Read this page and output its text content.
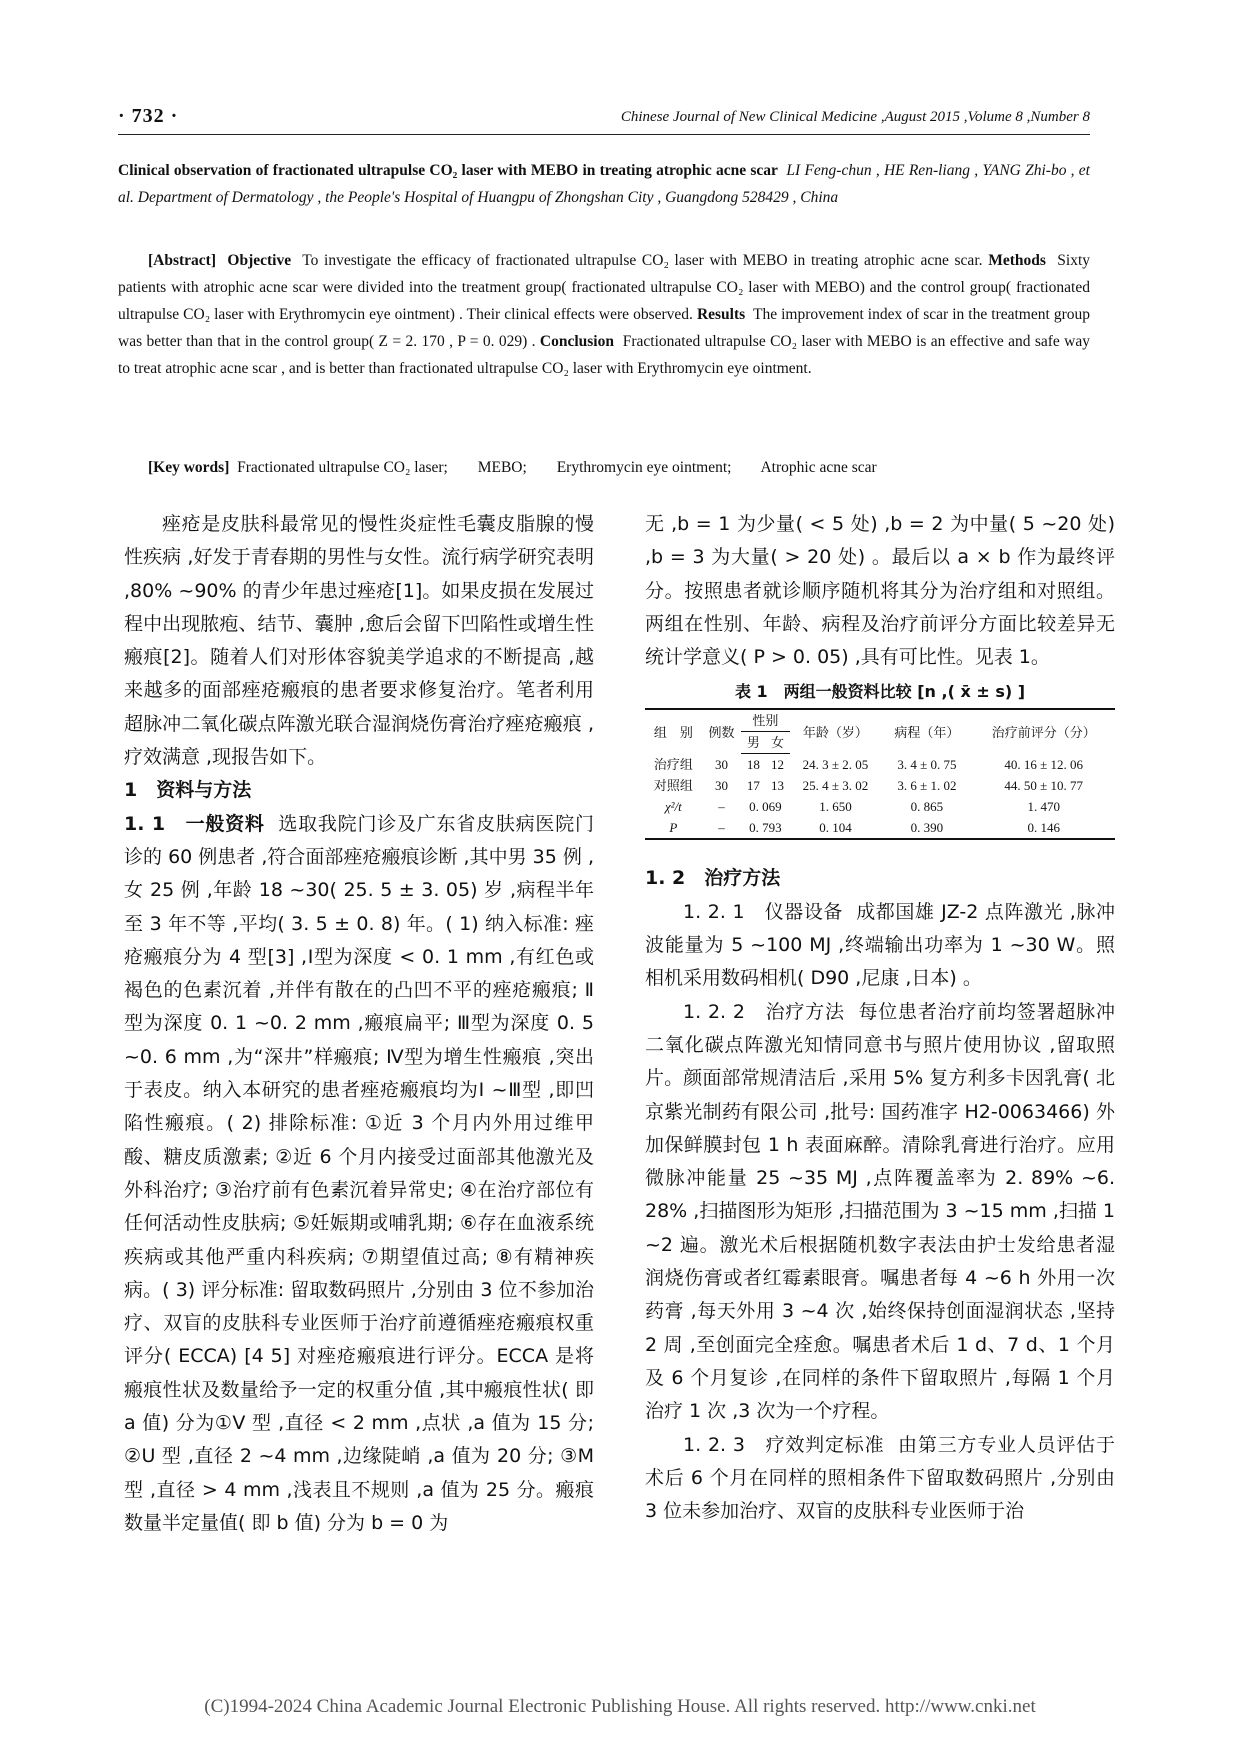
· 732 ·	Chinese Journal of New Clinical Medicine ,August 2015 ,Volume 8 ,Number 8
Clinical observation of fractionated ultrapulse CO₂ laser with MEBO in treating atrophic acne scar LI Feng-chun , HE Ren-liang , YANG Zhi-bo , et al. Department of Dermatology , the People's Hospital of Huangpu of Zhongshan City , Guangdong 528429 , China
[Abstract] Objective To investigate the efficacy of fractionated ultrapulse CO₂ laser with MEBO in treating atrophic acne scar. Methods Sixty patients with atrophic acne scar were divided into the treatment group( fractionated ultrapulse CO₂ laser with MEBO) and the control group( fractionated ultrapulse CO₂ laser with Erythromycin eye ointment) . Their clinical effects were observed. Results The improvement index of scar in the treatment group was better than that in the control group( Z = 2. 170 , P = 0. 029) . Conclusion Fractionated ultrapulse CO₂ laser with MEBO is an effective and safe way to treat atrophic acne scar , and is better than fractionated ultrapulse CO₂ laser with Erythromycin eye ointment.
[Key words] Fractionated ultrapulse CO₂ laser; MEBO; Erythromycin eye ointment; Atrophic acne scar

痤疮是皮肤科最常见的慢性炎症性毛囊皮脂腺的慢性疾病 ,好发于青春期的男性与女性。流行病学研究表明 ,80% ~90% 的青少年患过痤疮[1]。如果皮损在发展过程中出现脓疱、结节、囊肿 ,愈后会留下凹陷性或增生性瘢痕[2]。随着人们对形体容貌美学追求的不断提高 ,越来越多的面部痤疮瘢痕的患者要求修复治疗。笔者利用超脉冲二氧化碳点阵激光联合湿润烧伤膏治疗痤疮瘢痕 ,疗效满意 ,现报告如下。

1　资料与方法

1. 1　一般资料 选取我院门诊及广东省皮肤病医院门诊的 60 例患者 ,符合面部痤疮瘢痕诊断 ,其中男 35 例 ,女 25 例 ,年龄 18 ~30( 25. 5 ± 3. 05) 岁 ,病程半年至 3 年不等 ,平均( 3. 5 ± 0. 8) 年。( 1) 纳入标准: 痤疮瘢痕分为 4 型[3] ,Ⅰ型为深度 < 0. 1 mm ,有红色或褐色的色素沉着 ,并伴有散在的凸凹不平的痤疮瘢痕; Ⅱ型为深度 0. 1 ~0. 2 mm ,瘢痕扁平; Ⅲ型为深度 0. 5 ~0. 6 mm ,为“深井”样瘢痕; Ⅳ型为增生性瘢痕 ,突出于表皮。纳入本研究的患者痤疮瘢痕均为Ⅰ ~Ⅲ型 ,即凹陷性瘢痕。( 2) 排除标准: ①近 3 个月内外用过维甲酸、糖皮质激素; ②近 6 个月内接受过面部其他激光及外科治疗; ③治疗前有色素沉着异常史; ④在治疗部位有任何活动性皮肤病; ⑤妊娠期或哺乳期; ⑥存在血液系统疾病或其他严重内科疾病; ⑦期望值过高; ⑧有精神疾病。( 3) 评分标准: 留取数码照片 ,分别由 3 位不参加治疗、双盲的皮肤科专业医师于治疗前遵循痤疮瘢痕权重评分( ECCA) [4 5] 对痤疮瘢痕进行评分。ECCA 是将瘢痕性状及数量给予一定的权重分值 ,其中瘢痕性状( 即 a 值) 分为①V 型 ,直径 < 2 mm ,点状 ,a 值为 15 分; ②U 型 ,直径 2 ~4 mm ,边缘陡峭 ,a 值为 20 分; ③M 型 ,直径 > 4 mm ,浅表且不规则 ,a 值为 25 分。瘢痕数量半定量值( 即 b 值) 分为 b = 0 为

无 ,b = 1 为少量( < 5 处) ,b = 2 为中量( 5 ~20 处) ,b = 3 为大量( > 20 处) 。最后以 a × b 作为最终评分。按照患者就诊顺序随机将其分为治疗组和对照组。两组在性别、年龄、病程及治疗前评分方面比较差异无统计学意义( P > 0. 05) ,具有可比性。见表 1。

表 1　两组一般资料比较 [n ,( x̄ ± s) ]
组　别	例数	性别		年龄（岁）	病程（年）	治疗前评分（分）
		男	女			
治疗组	30	18	12	24. 3 ± 2. 05	3. 4 ± 0. 75	40. 16 ± 12. 06
对照组	30	17	13	25. 4 ± 3. 02	3. 6 ± 1. 02	44. 50 ± 10. 77
χ²/t	–	0. 069		1. 650	0. 865	1. 470
P	–	0. 793		0. 104	0. 390	0. 146

1. 2　治疗方法

1. 2. 1　仪器设备 成都国雄 JZ-2 点阵激光 ,脉冲波能量为 5 ~100 MJ ,终端输出功率为 1 ~30 W。照相机采用数码相机( D90 ,尼康 ,日本) 。

1. 2. 2　治疗方法 每位患者治疗前均签署超脉冲二氧化碳点阵激光知情同意书与照片使用协议 ,留取照片。颜面部常规清洁后 ,采用 5% 复方利多卡因乳膏( 北京紫光制药有限公司 ,批号: 国药准字 H2-0063466) 外加保鲜膜封包 1 h 表面麻醉。清除乳膏进行治疗。应用微脉冲能量 25 ~35 MJ ,点阵覆盖率为 2. 89% ~6. 28% ,扫描图形为矩形 ,扫描范围为 3 ~15 mm ,扫描 1 ~2 遍。激光术后根据随机数字表法由护士发给患者湿润烧伤膏或者红霉素眼膏。嘱患者每 4 ~6 h 外用一次药膏 ,每天外用 3 ~4 次 ,始终保持创面湿润状态 ,坚持 2 周 ,至创面完全痊愈。嘱患者术后 1 d、7 d、1 个月及 6 个月复诊 ,在同样的条件下留取照片 ,每隔 1 个月治疗 1 次 ,3 次为一个疗程。

1. 2. 3　疗效判定标准 由第三方专业人员评估于术后 6 个月在同样的照相条件下留取数码照片 ,分别由 3 位未参加治疗、双盲的皮肤科专业医师于治

(C)1994-2024 China Academic Journal Electronic Publishing House. All rights reserved. http://www.cnki.net
